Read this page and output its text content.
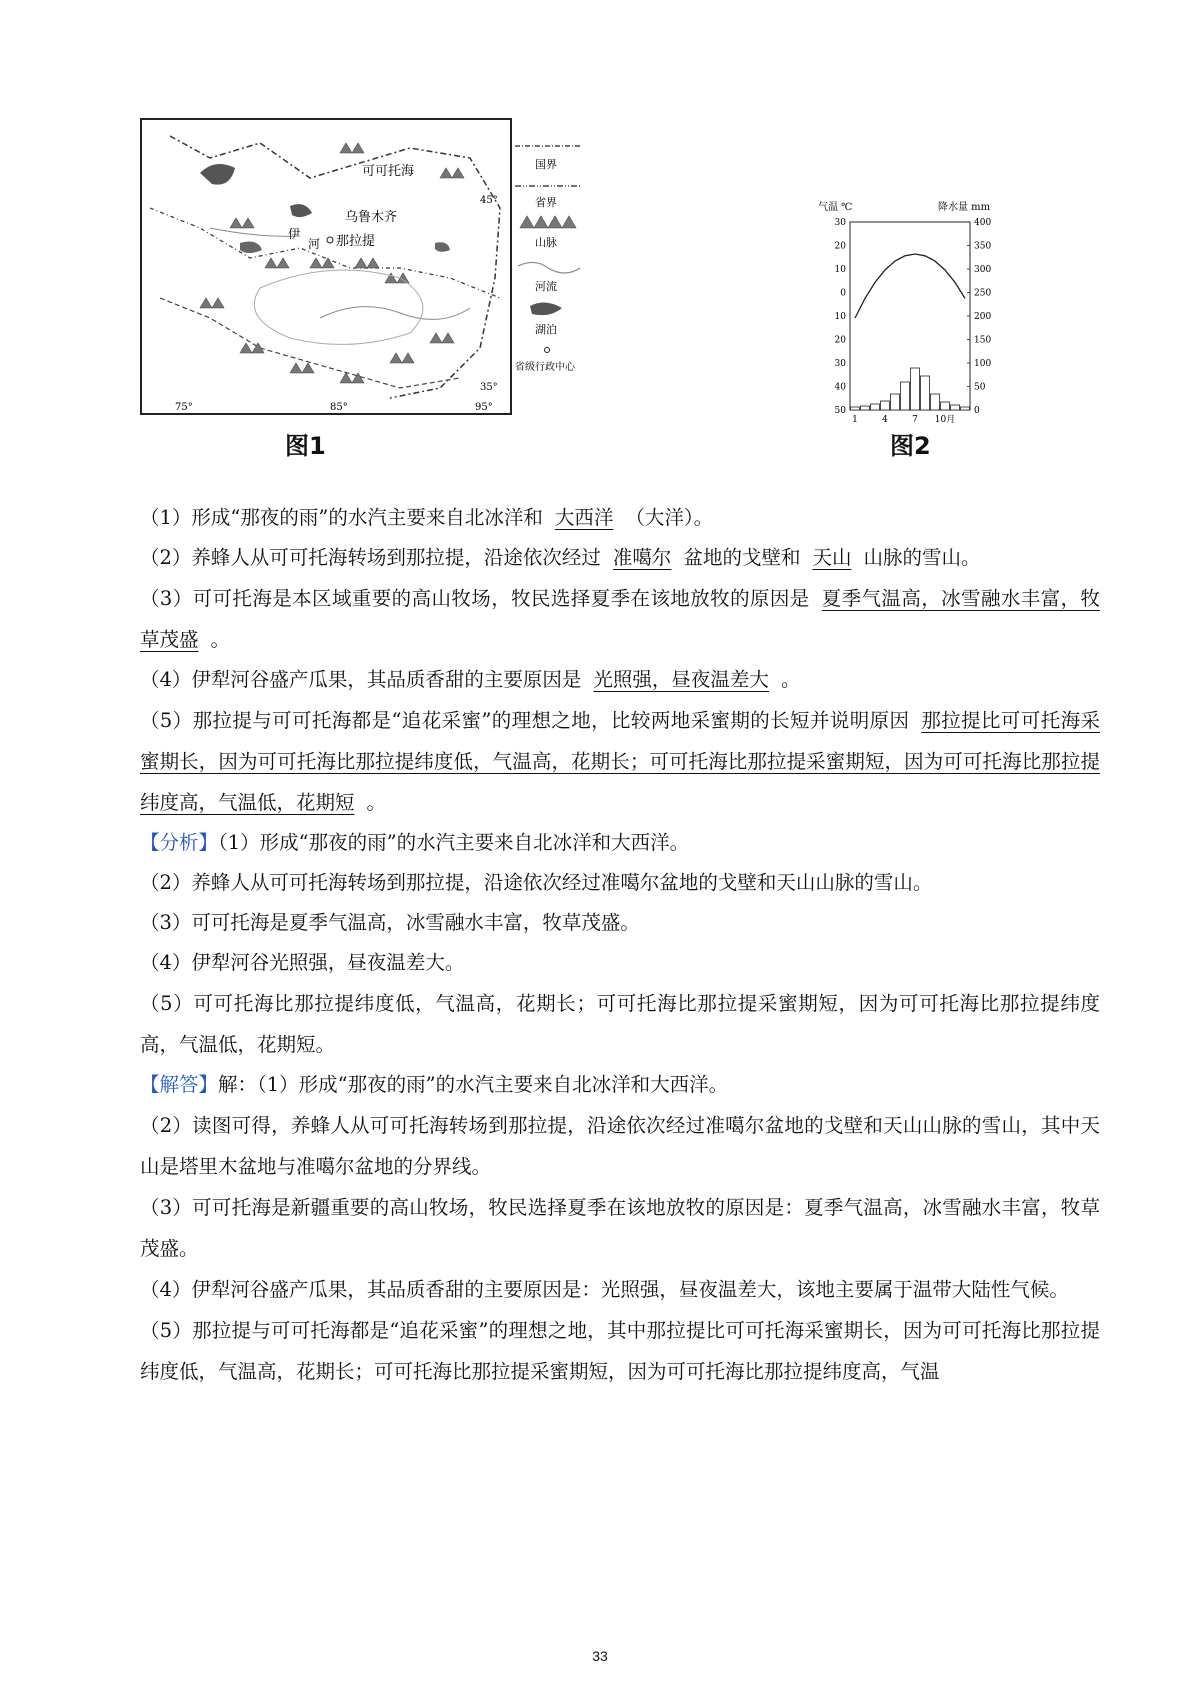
可可托海
乌鲁木齐
那拉提
伊
河
75°	85°	95°
45°
35°
国界
省界
山脉
河流
湖泊
省级行政中心
气温 ℃	降水量 mm
30
20
10
0
10
20
30
40
50
400
350
300
250
200
150
100
50
0
1	4	7 10月
图1	图2

（1）形成“那夜的雨”的水汽主要来自北冰洋和 大西洋 （大洋）。

（2）养蜂人从可可托海转场到那拉提，沿途依次经过 准噶尔 盆地的戈壁和 天山 山脉的雪山。

（3）可可托海是本区域重要的高山牧场，牧民选择夏季在该地放牧的原因是 夏季气温高，冰雪融水丰富，牧草茂盛 。

（4）伊犁河谷盛产瓜果，其品质香甜的主要原因是 光照强，昼夜温差大 。

（5）那拉提与可可托海都是“追花采蜜”的理想之地，比较两地采蜜期的长短并说明原因 那拉提比可可托海采蜜期长，因为可可托海比那拉提纬度低，气温高，花期长；可可托海比那拉提采蜜期短，因为可可托海比那拉提纬度高，气温低，花期短 。

【分析】（1）形成“那夜的雨”的水汽主要来自北冰洋和大西洋。

（2）养蜂人从可可托海转场到那拉提，沿途依次经过准噶尔盆地的戈壁和天山山脉的雪山。

（3）可可托海是夏季气温高，冰雪融水丰富，牧草茂盛。

（4）伊犁河谷光照强，昼夜温差大。

（5）可可托海比那拉提纬度低，气温高，花期长；可可托海比那拉提采蜜期短，因为可可托海比那拉提纬度高，气温低，花期短。

【解答】解：（1）形成“那夜的雨”的水汽主要来自北冰洋和大西洋。

（2）读图可得，养蜂人从可可托海转场到那拉提，沿途依次经过准噶尔盆地的戈壁和天山山脉的雪山，其中天山是塔里木盆地与准噶尔盆地的分界线。

（3）可可托海是新疆重要的高山牧场，牧民选择夏季在该地放牧的原因是：夏季气温高，冰雪融水丰富，牧草茂盛。

（4）伊犁河谷盛产瓜果，其品质香甜的主要原因是：光照强，昼夜温差大，该地主要属于温带大陆性气候。

（5）那拉提与可可托海都是“追花采蜜”的理想之地，其中那拉提比可可托海采蜜期长，因为可可托海比那拉提纬度低，气温高，花期长；可可托海比那拉提采蜜期短，因为可可托海比那拉提纬度高，气温

33
